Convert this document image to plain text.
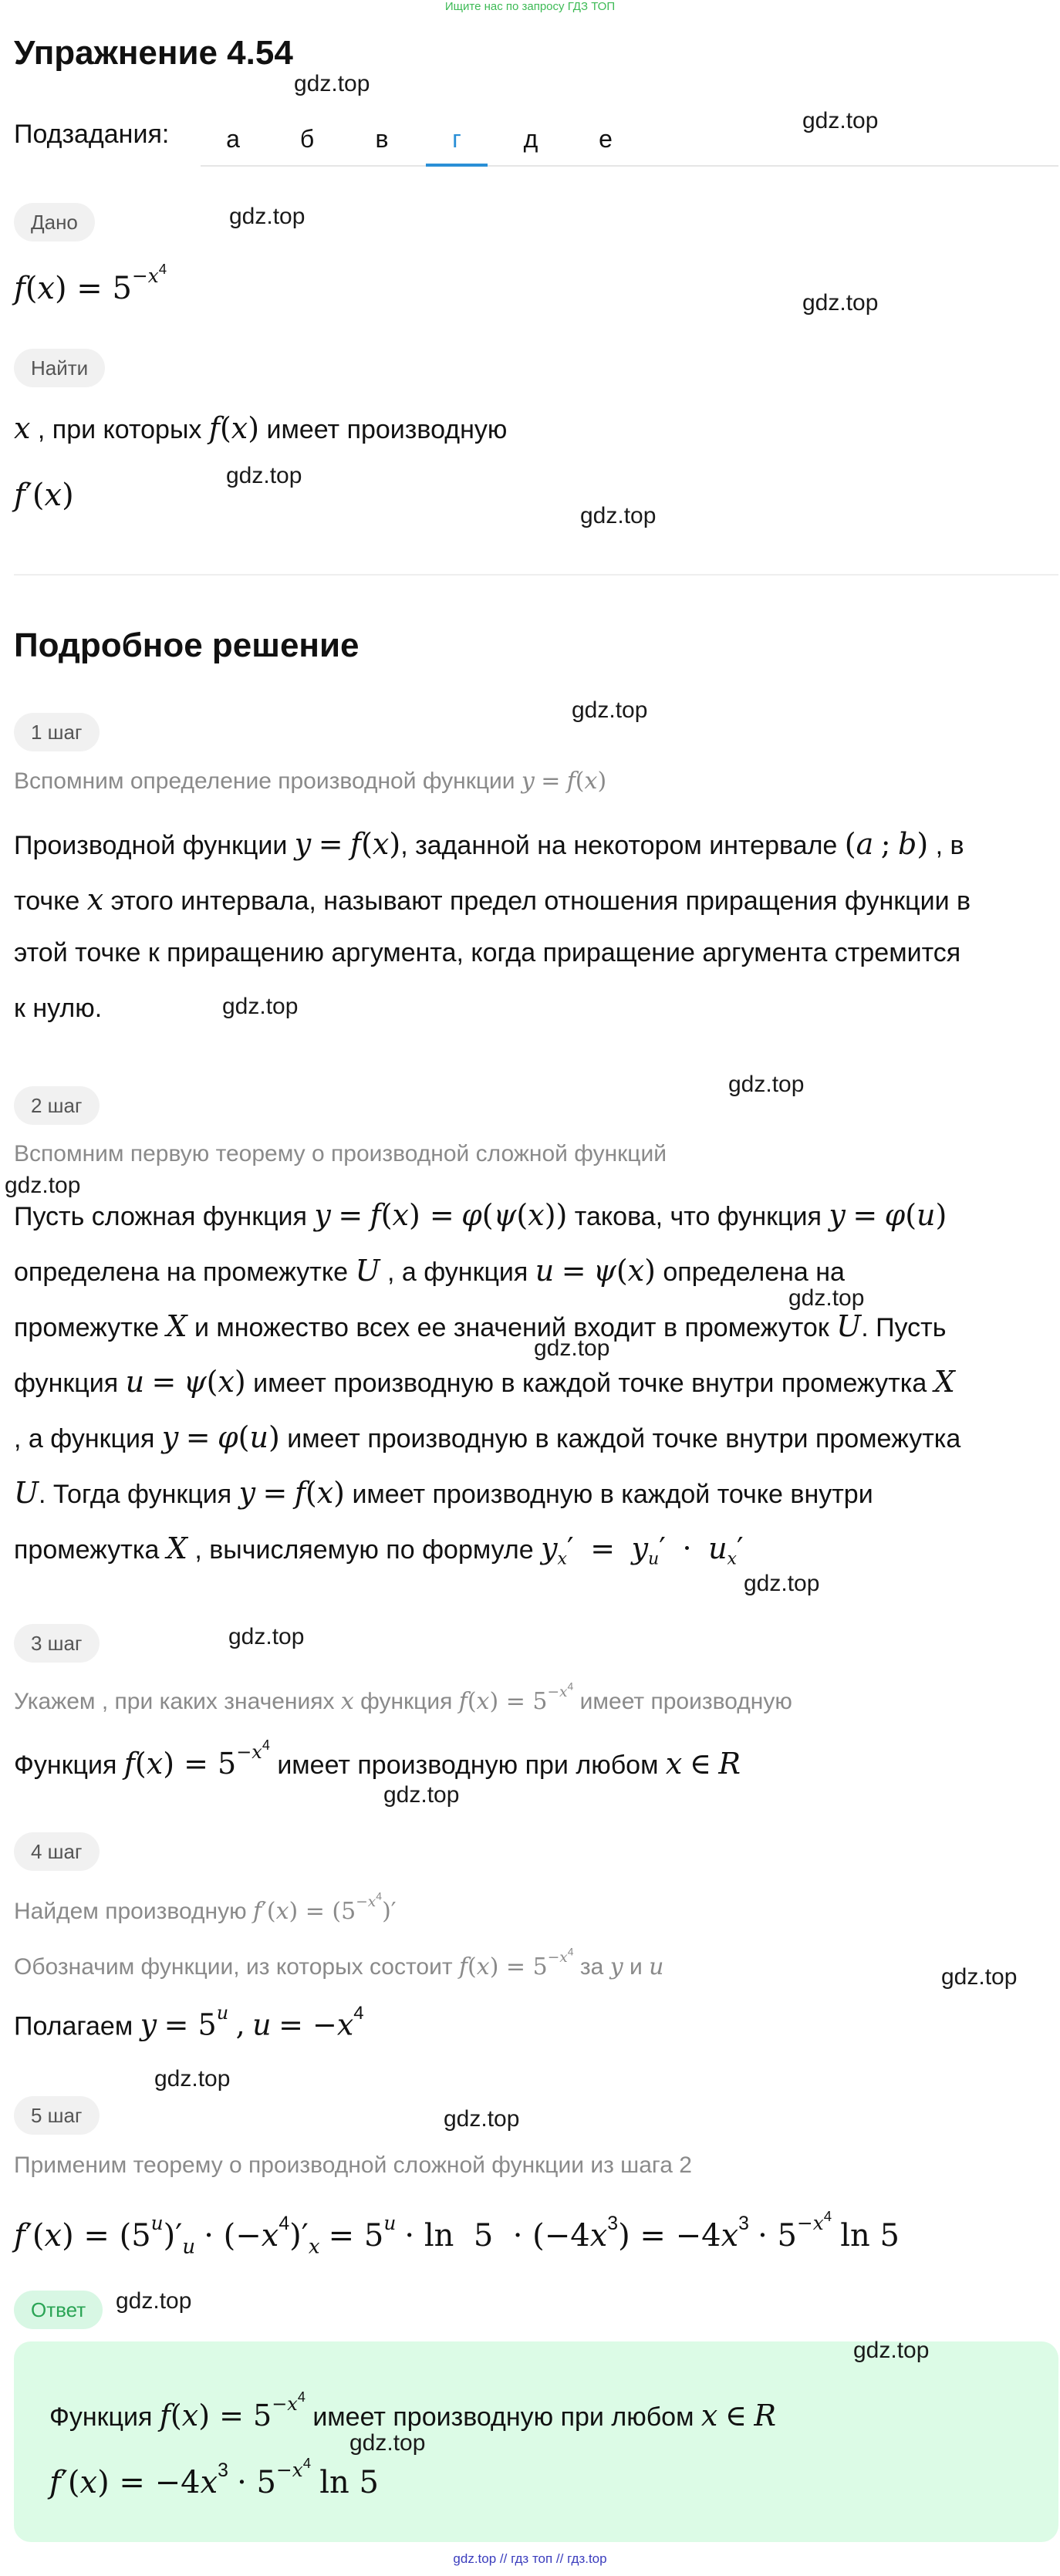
Ищите нас по запросу ГДЗ ТОП
Упражнение 4.54
Подзадания:	а	б	в	г	д	е
Дано
$f(x) = 5^{-x^4}$
Найти
x , при которых f(x) имеет производную
f′(x)
Подробное решение
1 шаг
Вспомним определение производной функции y = f(x)
Производной функции y = f(x), заданной на некотором интервале (a ; b) , в
точке x этого интервала, называют предел отношения приращения функции в
этой точке к приращению аргумента, когда приращение аргумента стремится
к нулю.
2 шаг
Вспомним первую теорему о производной сложной функций
Пусть сложная функция y = f(x) = φ(ψ(x)) такова, что функция y = φ(u)
определена на промежутке U , а функция u = ψ(x) определена на
промежутке X и множество всех ее значений входит в промежуток U. Пусть
функция u = ψ(x) имеет производную в каждой точке внутри промежутка X
, а функция y = φ(u) имеет производную в каждой точке внутри промежутка
U. Тогда функция y = f(x) имеет производную в каждой точке внутри
промежутка X , вычисляемую по формуле $y_x' = y_u' \cdot u_x'$
3 шаг
Укажем , при каких значениях x функция $f(x) = 5^{-x^4}$ имеет производную
Функция $f(x) = 5^{-x^4}$ имеет производную при любом x ∈ R
4 шаг
Найдем производную $f'(x) = (5^{-x^4})'$
Обозначим функции, из которых состоит $f(x) = 5^{-x^4}$ за y и u
Полагаем $y = 5^u$ , $u = -x^4$
5 шаг
Применим теорему о производной сложной функции из шага 2
$f'(x) = (5^u)'_u \cdot (-x^4)'_x = 5^u \cdot \ln 5 \cdot (-4x^3) = -4x^3 \cdot 5^{-x^4}$ ln 5
Ответ
Функция $f(x) = 5^{-x^4}$ имеет производную при любом x ∈ R
$f'(x) = -4x^3 \cdot 5^{-x^4}$ ln 5
gdz.top
gdz.top
gdz.top
gdz.top
gdz.top
gdz.top
gdz.top
gdz.top
gdz.top
gdz.top
gdz.top
gdz.top
gdz.top
gdz.top
gdz.top
gdz.top
gdz.top
gdz.top
gdz.top
gdz.top
gdz.top
gdz.top // гдз топ // гдз.top
